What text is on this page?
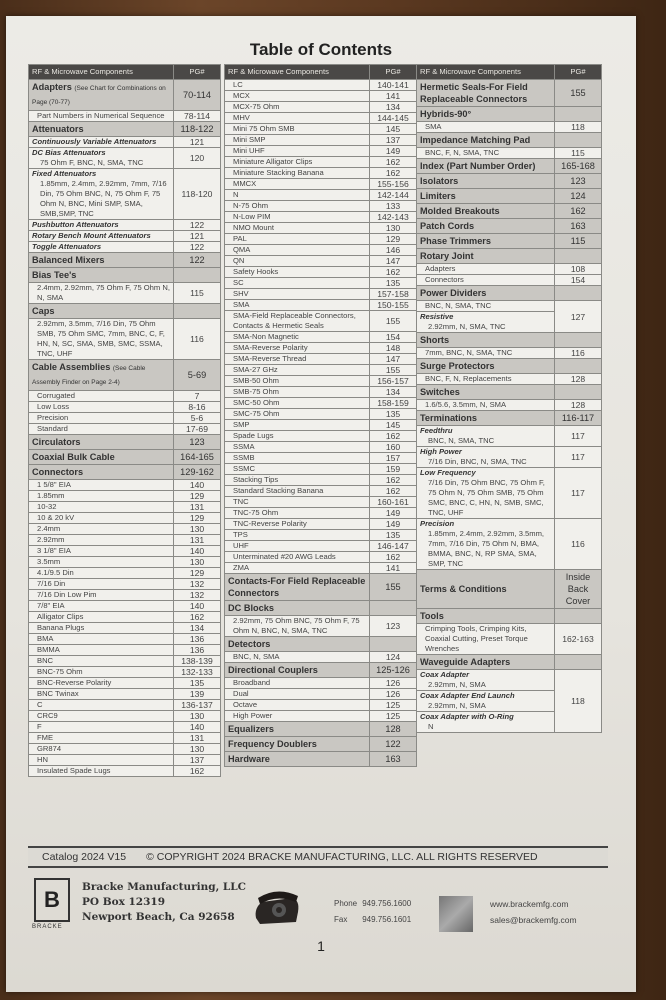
Table of Contents
RF & Microwave Components	PG#
Adapters (See Chart for Combinations on Page (70-77)	70-114
Part Numbers in Numerical Sequence	78-114
Attenuators	118-122

Continuously Variable Attenuators	121

DC Bias Attenuators
75 Ohm F, BNC, N, SMA, TNC	120

Fixed Attenuators
1.85mm, 2.4mm, 2.92mm, 7mm, 7/16 Din, 75 Ohm BNC, N, 75 Ohm F, 75 Ohm N, BNC, Mini SMP, SMA, SMB,SMP, TNC	118-120

Pushbutton Attenuators	122

Rotary Bench Mount Attenuators	121

Toggle Attenuators	122
Balanced Mixers	122
Bias Tee's	
2.4mm, 2.92mm, 75 Ohm F, 75 Ohm N, N, SMA	115
Caps	
2.92mm, 3.5mm, 7/16 Din, 75 Ohm SMB, 75 Ohm SMC, 7mm, BNC, C, F, HN, N, SC, SMA, SMB, SMC, SSMA, TNC, UHF	116
Cable Assemblies (See Cable Assembly Finder on Page 2-4)	5-69
Corrugated	7
Low Loss	8-16
Precision	5-6
Standard	17-69
Circulators	123
Coaxial Bulk Cable	164-165
Connectors	129-162
1 5/8" EIA	140
1.85mm	129
10-32	131
10 & 20 kV	129
2.4mm	130
2.92mm	131
3 1/8" EIA	140
3.5mm	130
4.1/9.5 Din	129
7/16 Din	132
7/16 Din Low Pim	132
7/8" EIA	140
Alligator Clips	162
Banana Plugs	134
BMA	136
BMMA	136
BNC	138-139
BNC-75 Ohm	132-133
BNC-Reverse Polarity	135
BNC Twinax	139
C	136-137
CRC9	130
F	140
FME	131
GR874	130
HN	137
Insulated Spade Lugs	162
RF & Microwave Components	PG#
LC	140-141
MCX	141
MCX-75 Ohm	134
MHV	144-145
Mini 75 Ohm SMB	145
Mini SMP	137
Mini UHF	149
Miniature Alligator Clips	162
Miniature Stacking Banana	162
MMCX	155-156
N	142-144
N-75 Ohm	133
N-Low PIM	142-143
NMO Mount	130
PAL	129
QMA	146
QN	147
Safety Hooks	162
SC	135
SHV	157-158
SMA	150-155
SMA-Field Replaceable Connectors, Contacts & Hermetic Seals	155
SMA-Non Magnetic	154
SMA-Reverse Polarity	148
SMA-Reverse Thread	147
SMA-27 GHz	155
SMB-50 Ohm	156-157
SMB-75 Ohm	134
SMC-50 Ohm	158-159
SMC-75 Ohm	135
SMP	145
Spade Lugs	162
SSMA	160
SSMB	157
SSMC	159
Stacking Tips	162
Standard Stacking Banana	162
TNC	160-161
TNC-75 Ohm	149
TNC-Reverse Polarity	149
TPS	135
UHF	146-147
Unterminated #20 AWG Leads	162
ZMA	141
Contacts-For Field Replaceable Connectors	155
DC Blocks	
2.92mm, 75 Ohm BNC, 75 Ohm F, 75 Ohm N, BNC, N, SMA, TNC	123
Detectors	
BNC, N, SMA	124
Directional Couplers	125-126
Broadband	126
Dual	126
Octave	125
High Power	125
Equalizers	128
Frequency Doublers	122
Hardware	163
RF & Microwave Components	PG#
Hermetic Seals-For Field Replaceable Connectors	155
Hybrids-90°	
SMA	118
Impedance Matching Pad	
BNC, F, N, SMA, TNC	115
Index (Part Number Order)	165-168
Isolators	123
Limiters	124
Molded Breakouts	162
Patch Cords	163
Phase Trimmers	115
Rotary Joint	
Adapters	108
Connectors	154
Power Dividers	
BNC, N, SMA, TNC	127

Resistive
2.92mm, N, SMA, TNC	

Shorts	
7mm, BNC, N, SMA, TNC	116
Surge Protectors	
BNC, F, N, Replacements	128
Switches	
1.6/5.6, 3.5mm, N, SMA	128
Terminations	116-117

Feedthru
BNC, N, SMA, TNC	117

High Power
7/16 Din, BNC, N, SMA, TNC	117

Low Frequency
7/16 Din, 75 Ohm BNC, 75 Ohm F, 75 Ohm N, 75 Ohm SMB, 75 Ohm SMC, BNC, C, HN, N, SMB, SMC, TNC, UHF	117

Precision
1.85mm, 2.4mm, 2.92mm, 3.5mm, 7mm, 7/16 Din, 75 Ohm N, BMA, BMMA, BNC, N, RP SMA, SMA, SMP, TNC	116
Terms & Conditions	Inside Back Cover
Tools	
Crimping Tools, Crimping Kits, Coaxial Cutting, Preset Torque Wrenches	162-163
Waveguide Adapters	

Coax Adapter
2.92mm, N, SMA	118

Coax Adapter End Launch
2.92mm, N, SMA	

Coax Adapter with O-Ring
N	
Catalog 2024 V15 © COPYRIGHT 2024 BRACKE MANUFACTURING, LLC. ALL RIGHTS RESERVED
B
BRACKE
Bracke Manufacturing, LLC
PO Box 12319
Newport Beach, Ca 92658
Phone 949.756.1600
Fax 949.756.1601
www.brackemfg.com
sales@brackemfg.com
1
